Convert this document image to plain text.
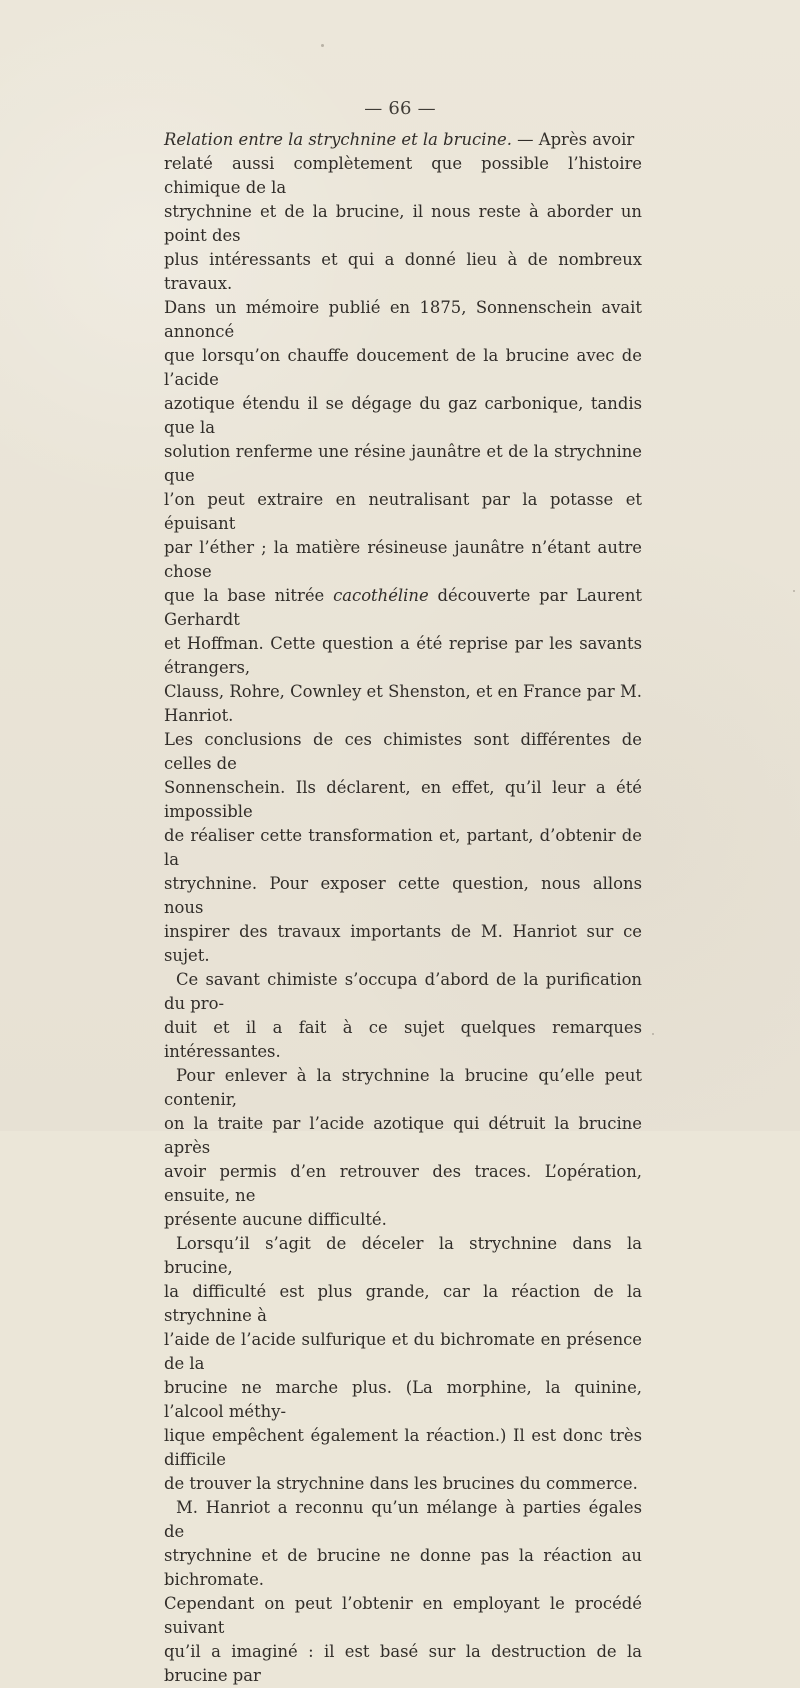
— 66 —

Relation entre la strychnine et la brucine. — Après avoir
relaté aussi complètement que possible l’histoire chimique de la
strychnine et de la brucine, il nous reste à aborder un point des
plus intéressants et qui a donné lieu à de nombreux travaux.
Dans un mémoire publié en 1875, Sonnenschein avait annoncé
que lorsqu’on chauffe doucement de la brucine avec de l’acide
azotique étendu il se dégage du gaz carbonique, tandis que la
solution renferme une résine jaunâtre et de la strychnine que
l’on peut extraire en neutralisant par la potasse et épuisant
par l’éther ; la matière résineuse jaunâtre n’étant autre chose
que la base nitrée cacothéline découverte par Laurent Gerhardt
et Hoffman. Cette question a été reprise par les savants étrangers,
Clauss, Rohre, Cownley et Shenston, et en France par M. Hanriot.
Les conclusions de ces chimistes sont différentes de celles de
Sonnenschein. Ils déclarent, en effet, qu’il leur a été impossible
de réaliser cette transformation et, partant, d’obtenir de la
strychnine. Pour exposer cette question, nous allons nous
inspirer des travaux importants de M. Hanriot sur ce sujet.

Ce savant chimiste s’occupa d’abord de la purification du pro-
duit et il a fait à ce sujet quelques remarques intéressantes.

Pour enlever à la strychnine la brucine qu’elle peut contenir,
on la traite par l’acide azotique qui détruit la brucine après
avoir permis d’en retrouver des traces. L’opération, ensuite, ne
présente aucune difficulté.

Lorsqu’il s’agit de déceler la strychnine dans la brucine,
la difficulté est plus grande, car la réaction de la strychnine à
l’aide de l’acide sulfurique et du bichromate en présence de la
brucine ne marche plus. (La morphine, la quinine, l’alcool méthy-
lique empêchent également la réaction.) Il est donc très difficile
de trouver la strychnine dans les brucines du commerce.

M. Hanriot a reconnu qu’un mélange à parties égales de
strychnine et de brucine ne donne pas la réaction au bichromate.
Cependant on peut l’obtenir en employant le procédé suivant
qu’il a imaginé : il est basé sur la destruction de la brucine par
